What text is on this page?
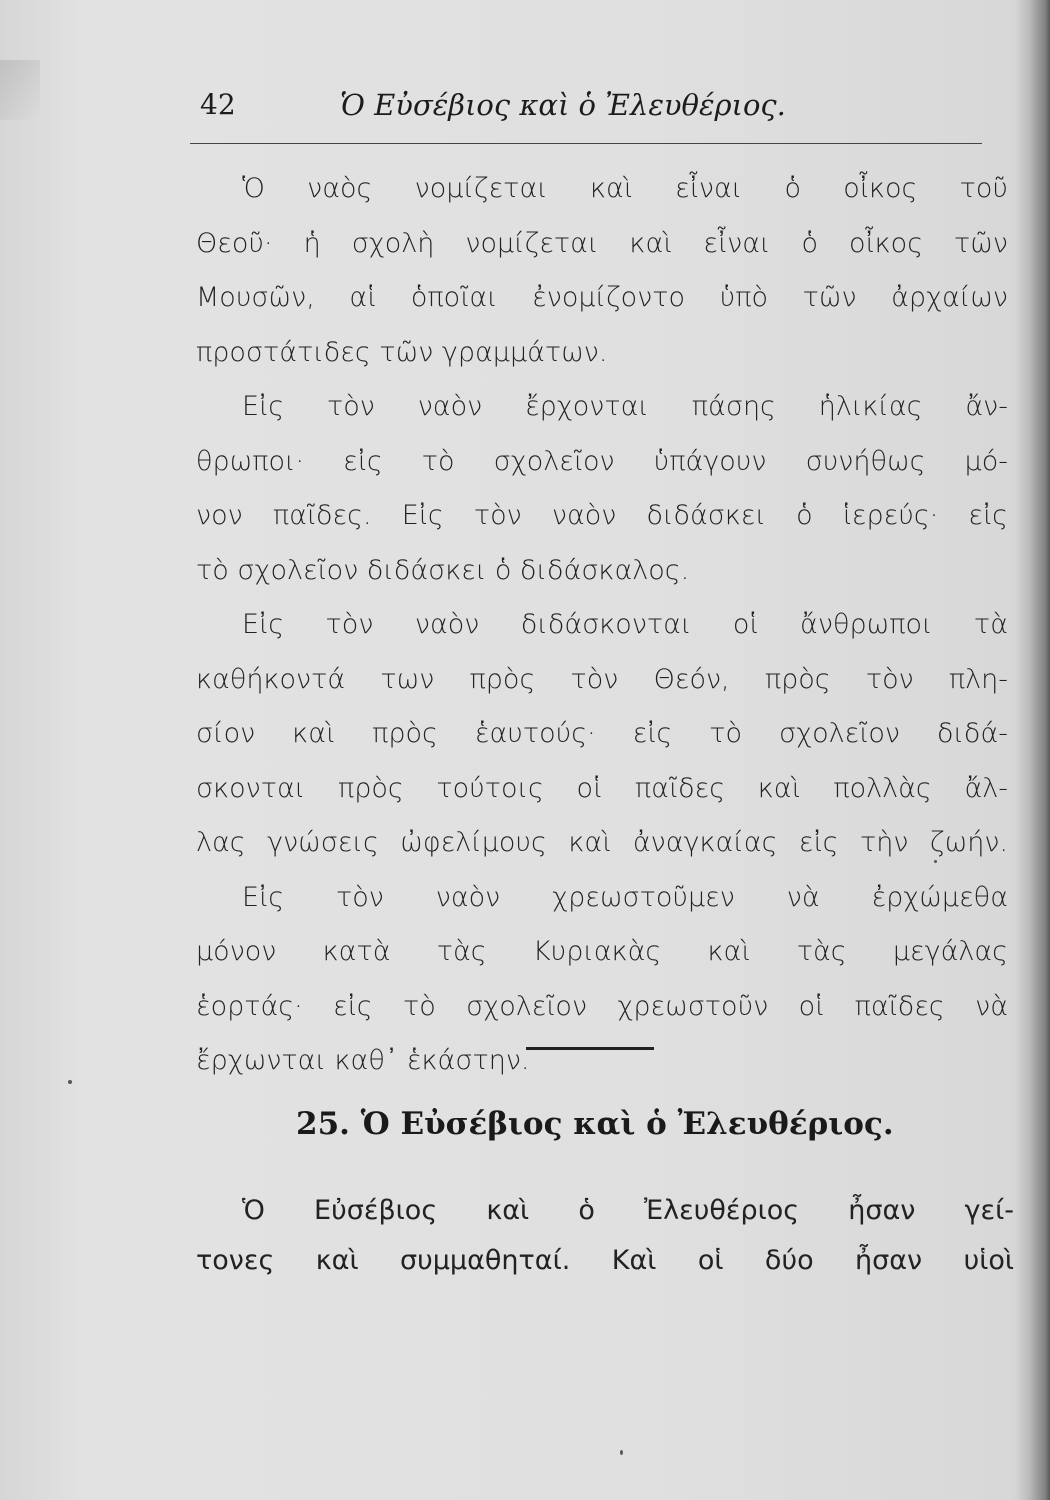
42	Ὁ Εὐσέβιος καὶ ὁ Ἐλευθέριος.
Ὁ ναὸς νομίζεται καὶ εἶναι ὁ οἶκος τοῦ
Θεοῦ· ἡ σχολὴ νομίζεται καὶ εἶναι ὁ οἶκος τῶν
Μουσῶν, αἱ ὁποῖαι ἐνομίζοντο ὑπὸ τῶν ἀρχαίων
προστάτιδες τῶν γραμμάτων.
Εἰς τὸν ναὸν ἔρχονται πάσης ἡλικίας ἄν-
θρωποι· εἰς τὸ σχολεῖον ὑπάγουν συνήθως μό-
νον παῖδες. Εἰς τὸν ναὸν διδάσκει ὁ ἱερεύς· εἰς
τὸ σχολεῖον διδάσκει ὁ διδάσκαλος.
Εἰς τὸν ναὸν διδάσκονται οἱ ἄνθρωποι τὰ
καθήκοντά των πρὸς τὸν Θεόν, πρὸς τὸν πλη-
σίον καὶ πρὸς ἑαυτούς· εἰς τὸ σχολεῖον διδά-
σκονται πρὸς τούτοις οἱ παῖδες καὶ πολλὰς ἄλ-
λας γνώσεις ὠφελίμους καὶ ἀναγκαίας εἰς τὴν ζωήν.
Εἰς τὸν ναὸν χρεωστοῦμεν νὰ ἐρχώμεθα
μόνον κατὰ τὰς Κυριακὰς καὶ τὰς μεγάλας
ἑορτάς· εἰς τὸ σχολεῖον χρεωστοῦν οἱ παῖδες νὰ
ἔρχωνται καθ᾽ ἑκάστην.
25. Ὁ Εὐσέβιος καὶ ὁ Ἐλευθέριος.
Ὁ Εὐσέβιος καὶ ὁ Ἐλευθέριος ἦσαν γεί-
τονες καὶ συμμαθηταί. Καὶ οἱ δύο ἦσαν υἱοὶ
